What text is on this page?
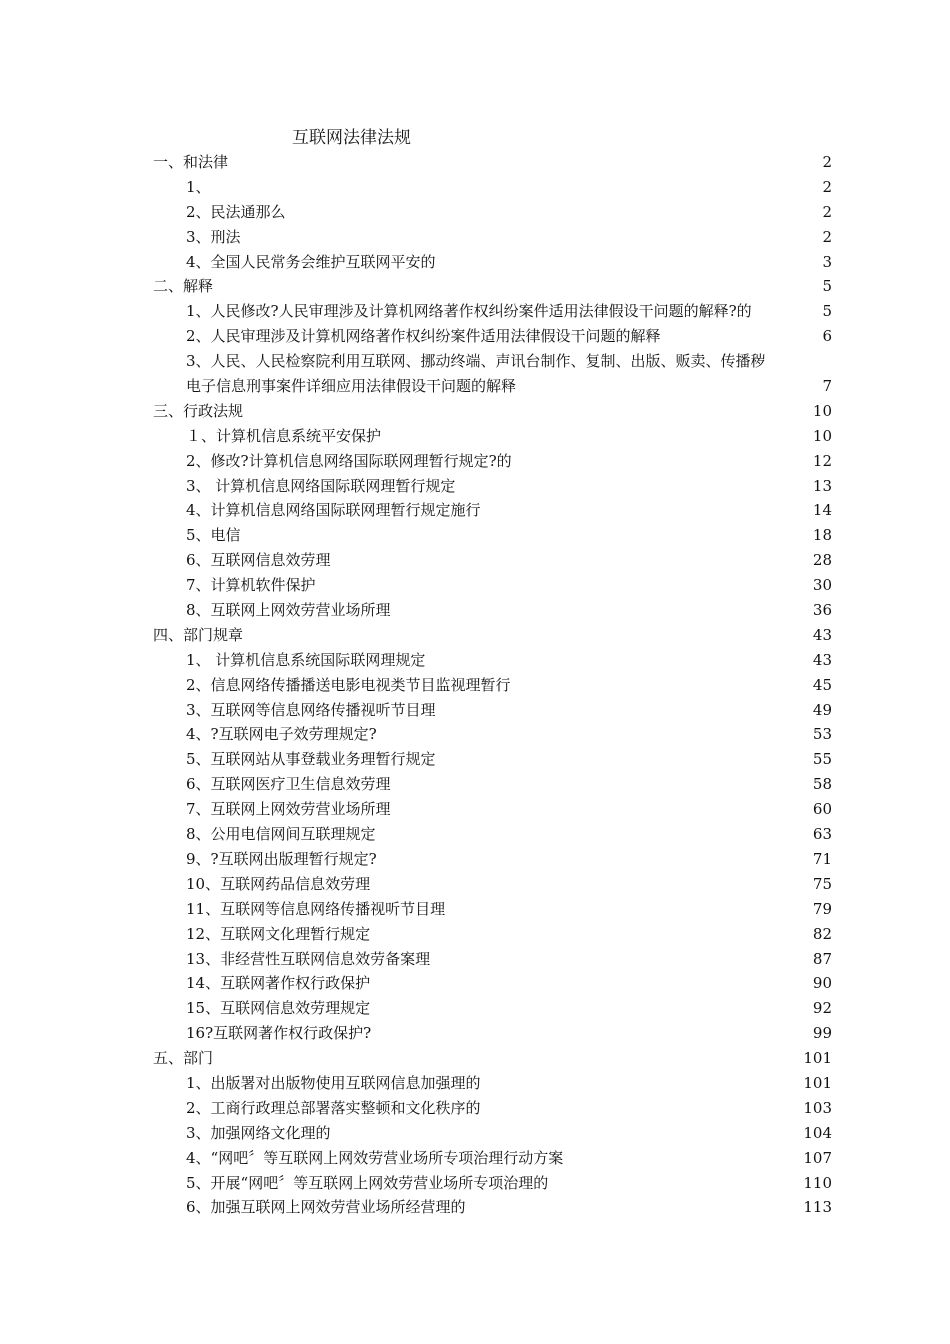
互联网法律法规
一、和法律	2
1、	2
2、民法通那么	2
3、刑法	2
4、全国人民常务会维护互联网平安的	3
二、解释	5
1、人民修改?人民审理涉及计算机网络著作权纠纷案件适用法律假设干问题的解释?的	5
2、人民审理涉及计算机网络著作权纠纷案件适用法律假设干问题的解释	6
3、人民、人民检察院利用互联网、挪动终端、声讯台制作、复制、出版、贩卖、传播秽
电子信息刑事案件详细应用法律假设干问题的解释	7
三、行政法规	10
１、计算机信息系统平安保护	10
2、修改?计算机信息网络国际联网理暂行规定?的	12
3、 计算机信息网络国际联网理暂行规定	13
4、计算机信息网络国际联网理暂行规定施行	14
5、电信	18
6、互联网信息效劳理	28
7、计算机软件保护	30
8、互联网上网效劳营业场所理	36
四、部门规章	43
1、 计算机信息系统国际联网理规定	43
2、信息网络传播播送电影电视类节目监视理暂行	45
3、互联网等信息网络传播视听节目理	49
4、?互联网电子效劳理规定?	53
5、互联网站从事登载业务理暂行规定	55
6、互联网医疗卫生信息效劳理	58
7、互联网上网效劳营业场所理	60
8、公用电信网间互联理规定	63
9、?互联网出版理暂行规定?	71
10、互联网药品信息效劳理	75
11、互联网等信息网络传播视听节目理	79
12、互联网文化理暂行规定	82
13、非经营性互联网信息效劳备案理	87
14、互联网著作权行政保护	90
15、互联网信息效劳理规定	92
16?互联网著作权行政保护?	99
五、部门	101
1、出版署对出版物使用互联网信息加强理的	101
2、工商行政理总部署落实整顿和文化秩序的	103
3、加强网络文化理的	104
4、“网吧〞等互联网上网效劳营业场所专项治理行动方案	107
5、开展“网吧〞等互联网上网效劳营业场所专项治理的	110
6、加强互联网上网效劳营业场所经营理的	113
